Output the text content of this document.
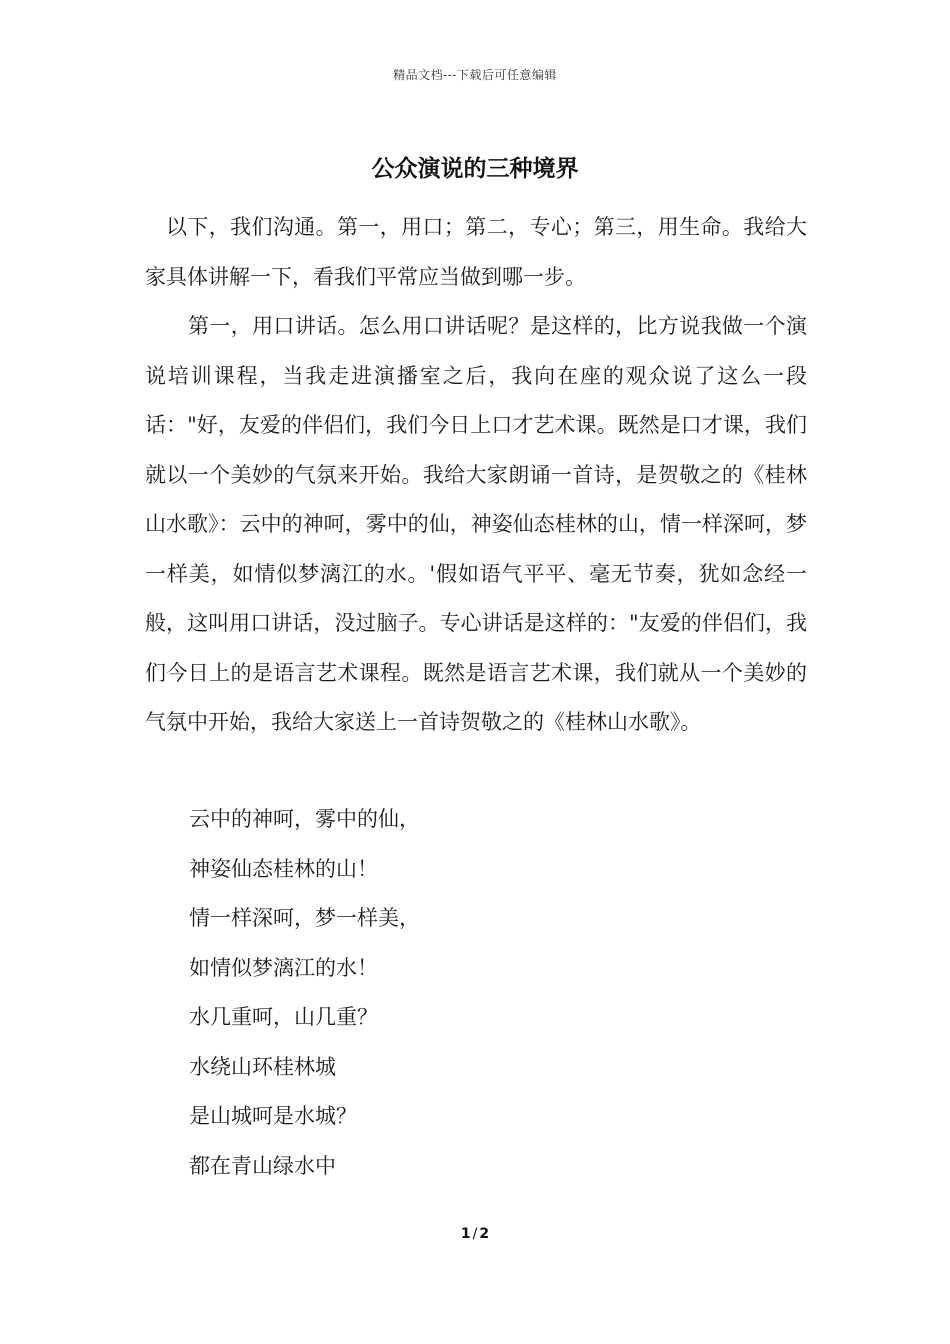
精品文档---下载后可任意编辑
公众演说的三种境界

以下，我们沟通。第一，用口；第二，专心；第三，用生命。我给大家具体讲解一下，看我们平常应当做到哪一步。

第一，用口讲话。怎么用口讲话呢？是这样的，比方说我做一个演说培训课程，当我走进演播室之后，我向在座的观众说了这么一段话："好，友爱的伴侣们，我们今日上口才艺术课。既然是口才课，我们就以一个美妙的气氛来开始。我给大家朗诵一首诗，是贺敬之的《桂林山水歌》：云中的神呵，雾中的仙，神姿仙态桂林的山，情一样深呵，梦一样美，如情似梦漓江的水。'假如语气平平、毫无节奏，犹如念经一般，这叫用口讲话，没过脑子。专心讲话是这样的："友爱的伴侣们，我们今日上的是语言艺术课程。既然是语言艺术课，我们就从一个美妙的气氛中开始，我给大家送上一首诗贺敬之的《桂林山水歌》。

云中的神呵，雾中的仙，
神姿仙态桂林的山！
情一样深呵，梦一样美，
如情似梦漓江的水！
水几重呵，山几重？
水绕山环桂林城
是山城呵是水城？
都在青山绿水中
1 / 2
